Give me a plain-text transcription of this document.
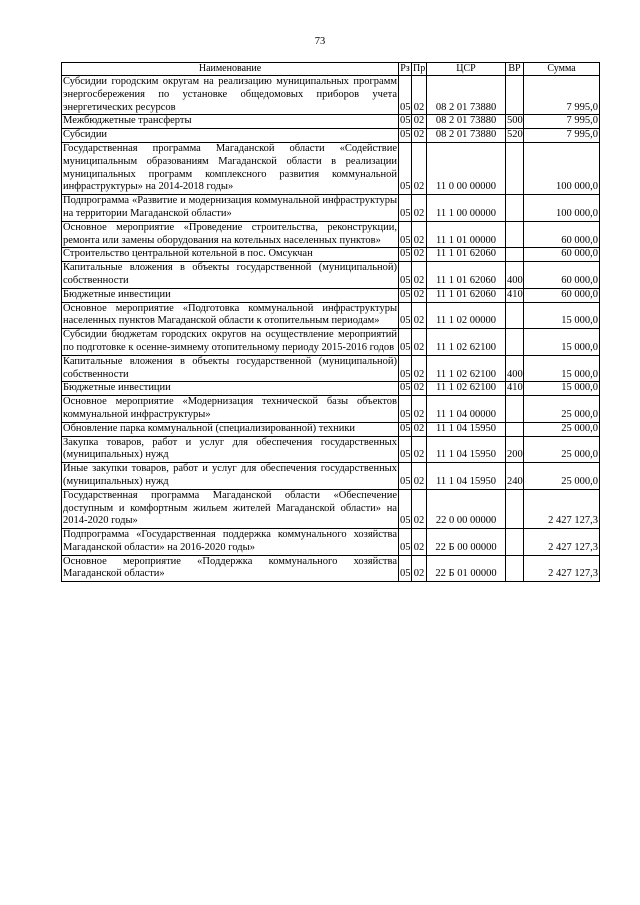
73
Наименование	Рз	Пр	ЦСР	ВР	Сумма
Субсидии городским округам на реализацию муниципальных программ энергосбережения по установке общедомовых приборов учета энергетических ресурсов	05	02	08 2 01 73880		7 995,0
Межбюджетные трансферты	05	02	08 2 01 73880	500	7 995,0
Субсидии	05	02	08 2 01 73880	520	7 995,0
Государственная программа Магаданской области «Содействие муниципальным образованиям Магаданской области в реализации муниципальных программ комплексного развития коммунальной инфраструктуры» на 2014-2018 годы»	05	02	11 0 00 00000		100 000,0
Подпрограмма «Развитие и модернизация коммунальной инфраструктуры на территории Магаданской области»	05	02	11 1 00 00000		100 000,0
Основное мероприятие «Проведение строительства, реконструкции, ремонта или замены оборудования на котельных населенных пунктов»	05	02	11 1 01 00000		60 000,0
Строительство центральной котельной в пос. Омсукчан	05	02	11 1 01 62060		60 000,0
Капитальные вложения в объекты государственной (муниципальной) собственности	05	02	11 1 01 62060	400	60 000,0
Бюджетные инвестиции	05	02	11 1 01 62060	410	60 000,0
Основное мероприятие «Подготовка коммунальной инфраструктуры населенных пунктов Магаданской области к отопительным периодам»	05	02	11 1 02 00000		15 000,0
Субсидии бюджетам городских округов на осуществление мероприятий по подготовке к осенне-зимнему отопительному периоду 2015-2016 годов	05	02	11 1 02 62100		15 000,0
Капитальные вложения в объекты государственной (муниципальной) собственности	05	02	11 1 02 62100	400	15 000,0
Бюджетные инвестиции	05	02	11 1 02 62100	410	15 000,0
Основное мероприятие «Модернизация технической базы объектов коммунальной инфраструктуры»	05	02	11 1 04 00000		25 000,0
Обновление парка коммунальной (специализированной) техники	05	02	11 1 04 15950		25 000,0
Закупка товаров, работ и услуг для обеспечения государственных (муниципальных) нужд	05	02	11 1 04 15950	200	25 000,0
Иные закупки товаров, работ и услуг для обеспечения государственных (муниципальных) нужд	05	02	11 1 04 15950	240	25 000,0
Государственная программа Магаданской области «Обеспечение доступным и комфортным жильем жителей Магаданской области» на 2014-2020 годы»	05	02	22 0 00 00000		2 427 127,3
Подпрограмма «Государственная поддержка коммунального хозяйства Магаданской области» на 2016-2020 годы»	05	02	22 Б 00 00000		2 427 127,3
Основное мероприятие «Поддержка коммунального хозяйства Магаданской области»	05	02	22 Б 01 00000		2 427 127,3
